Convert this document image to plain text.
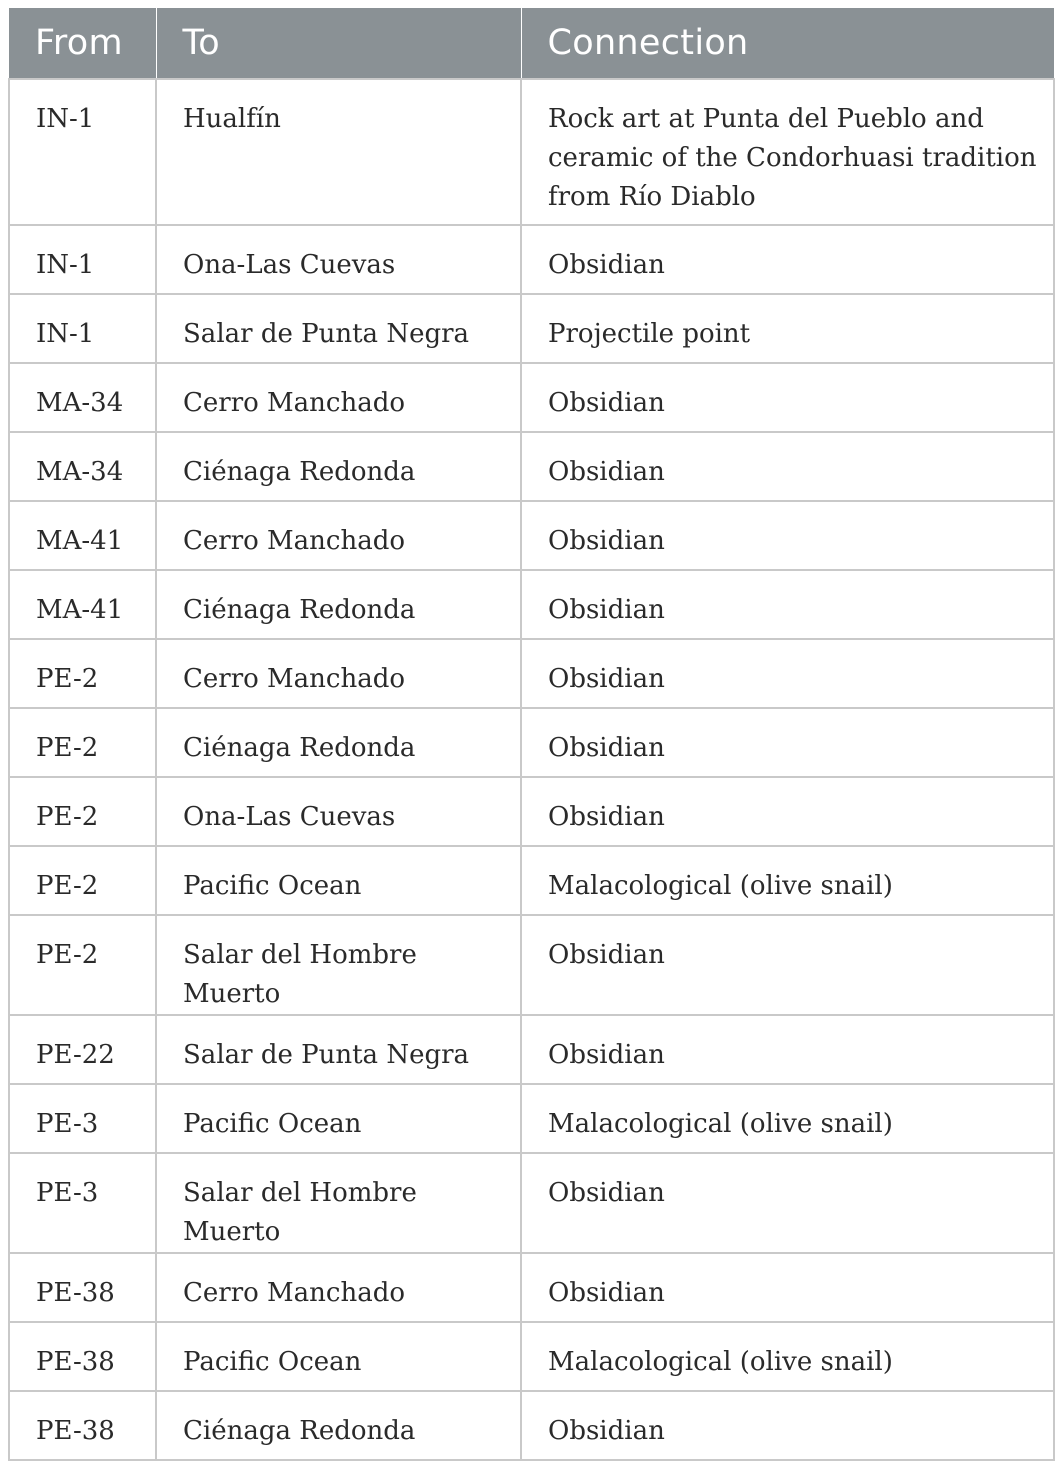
From	To	Connection
IN-1	Hualfín	Rock art at Punta del Pueblo and ceramic of the Condorhuasi tradition from Río Diablo
IN-1	Ona-Las Cuevas	Obsidian
IN-1	Salar de Punta Negra	Projectile point
MA-34	Cerro Manchado	Obsidian
MA-34	Ciénaga Redonda	Obsidian
MA-41	Cerro Manchado	Obsidian
MA-41	Ciénaga Redonda	Obsidian
PE-2	Cerro Manchado	Obsidian
PE-2	Ciénaga Redonda	Obsidian
PE-2	Ona-Las Cuevas	Obsidian
PE-2	Pacific Ocean	Malacological (olive snail)
PE-2	Salar del Hombre Muerto	Obsidian
PE-22	Salar de Punta Negra	Obsidian
PE-3	Pacific Ocean	Malacological (olive snail)
PE-3	Salar del Hombre Muerto	Obsidian
PE-38	Cerro Manchado	Obsidian
PE-38	Pacific Ocean	Malacological (olive snail)
PE-38	Ciénaga Redonda	Obsidian
